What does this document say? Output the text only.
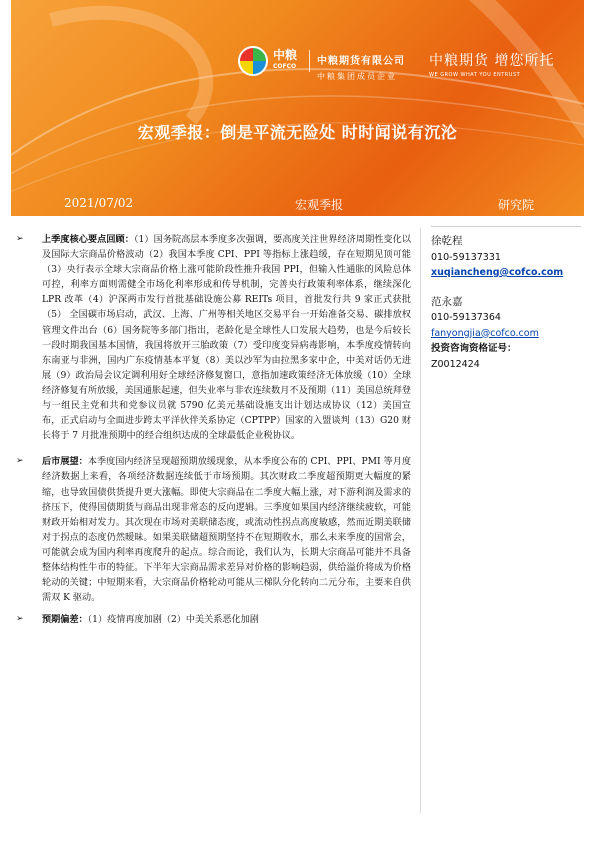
中粮
COFCO 中粮期货有限公司
中粮集团成员企业
中粮期货 增您所托
WE GROW WHAT YOU ENTRUST
宏观季报：倒是平流无险处 时时闻说有沉沦
2021/07/02	宏观季报	研究院
➢	上季度核心要点回顾：（1）国务院高层本季度多次强调，要高度关注世界经济周期性变化以及国际大宗商品价格波动（2）我国本季度 CPI、PPI 等指标上涨趋缓，存在短期见顶可能（3）央行表示全球大宗商品价格上涨可能阶段性推升我国 PPI，但输入性通胀的风险总体可控，利率方面则需健全市场化利率形成和传导机制，完善央行政策利率体系，继续深化 LPR 改革（4）沪深两市发行首批基础设施公募 REITs 项目，首批发行共 9 家正式获批（5） 全国碳市场启动，武汉、上海、广州等相关地区交易平台一开始准备交易、碳排放权管理文件出台（6）国务院等多部门指出，老龄化是全球性人口发展大趋势，也是今后较长一段时期我国基本国情，我国将放开三胎政策（7）受印度变异病毒影响，本季度疫情转向东南亚与非洲，国内广东疫情基本平复（8）美以沙军为由拉黑多家中企，中美对话仍无进展（9）政治局会议定调利用好全球经济修复窗口，意指加速政策经济无体放缓（10）全球经济修复有所放缓，美国通胀起速，但失业率与非农连续数月不及预期（11）美国总统拜登与一组民主党和共和党参议员就 5790 亿美元基础设施支出计划达成协议（12）美国宣布，正式启动与全面进步跨太平洋伙伴关系协定（CPTPP）国家的入盟谈判（13）G20 财长将于 7 月批准预期中的经合组织达成的全球最低企业税协议。
➢	后市展望：本季度国内经济呈现超预期放缓现象，从本季度公布的 CPI、PPI、PMI 等月度经济数据上来看，各项经济数据连续低于市场预期。其次财政二季度超预期更大幅度的紧缩，也导致国债供货提升更大涨幅。即使大宗商品在二季度大幅上涨，对下游利润及需求的挤压下，使得国债期货与商品出现非常态的反向逻辑。三季度如果国内经济继续疲软，可能财政开始相对发力。其次现在市场对美联储态度，或流动性拐点高度敏感，然而近期美联储对于拐点的态度仍然暧昧。如果美联储超预期坚持不在短期收水，那么未来季度的国常会，可能就会成为国内利率再度爬升的起点。综合而论，我们认为，长期大宗商品可能并不具备整体结构性牛市的特征。下半年大宗商品需求差异对价格的影响趋弱，供给溢价将成为价格轮动的关键；中短期来看，大宗商品价格轮动可能从三梯队分化转向二元分布，主要来自供需双 K 驱动。
➢	预期偏差：（1）疫情再度加剧（2）中美关系恶化加剧
徐乾程
010-59137331
xuqiancheng@cofco.com
范永嘉
010-59137364
fanyongjia@cofco.com
投资咨询资格证号：
Z0012424
